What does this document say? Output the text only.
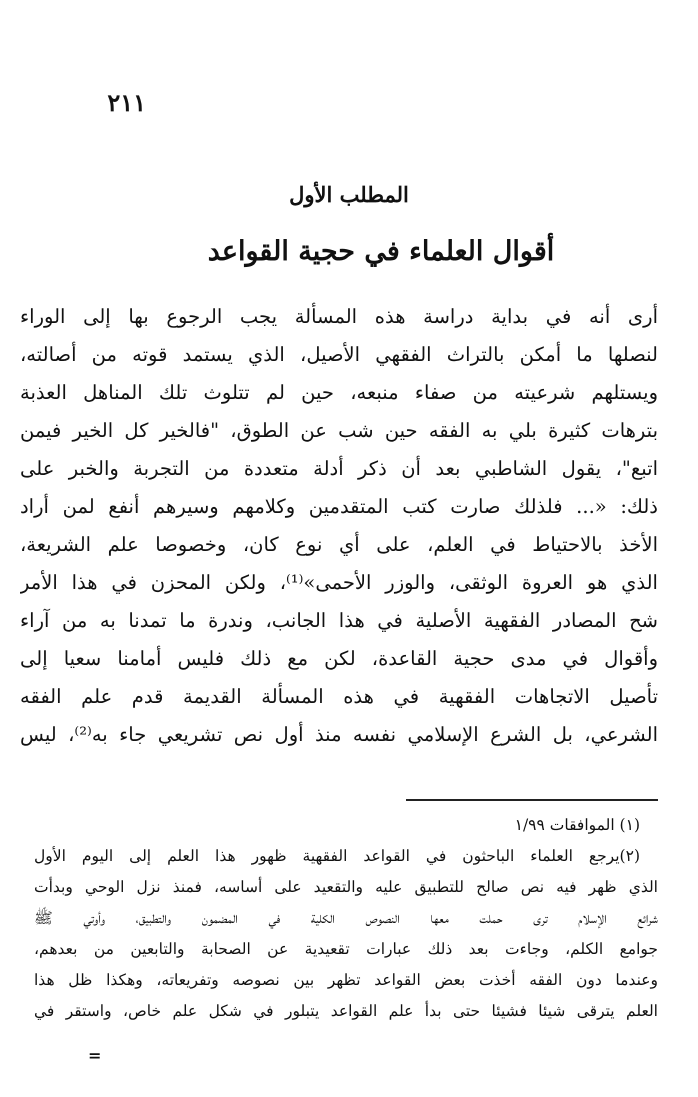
٢١١
المطلب الأول
أقوال العلماء في حجية القواعد
أرى أنه في بداية دراسة هذه المسألة يجب الرجوع بها إلى الوراء
لنصلها ما أمكن بالتراث الفقهي الأصيل، الذي يستمد قوته من أصالته،
ويستلهم شرعيته من صفاء منبعه، حين لم تتلوث تلك المناهل العذبة
بترهات كثيرة بلي به الفقه حين شب عن الطوق، "فالخير كل الخير فيمن
اتبع"، يقول الشاطبي بعد أن ذكر أدلة متعددة من التجربة والخبر على
ذلك: «... فلذلك صارت كتب المتقدمين وكلامهم وسيرهم أنفع لمن أراد
الأخذ بالاحتياط في العلم، على أي نوع كان، وخصوصا علم الشريعة،
الذي هو العروة الوثقى، والوزر الأحمى»⁽¹⁾، ولكن المحزن في هذا الأمر
شح المصادر الفقهية الأصلية في هذا الجانب، وندرة ما تمدنا به من آراء
وأقوال في مدى حجية القاعدة، لكن مع ذلك فليس أمامنا سعيا إلى
تأصيل الاتجاهات الفقهية في هذه المسألة القديمة قدم علم الفقه
الشرعي، بل الشرع الإسلامي نفسه منذ أول نص تشريعي جاء به⁽²⁾، ليس
(١) الموافقات ١/٩٩
(٢)يرجع العلماء الباحثون في القواعد الفقهية ظهور هذا العلم إلى اليوم الأول
الذي ظهر فيه نص صالح للتطبيق عليه والتقعيد على أساسه، فمنذ نزل الوحي وبدأت
شرائع الإسلام ترى حملت معها النصوص الكلية في المضمون والتطبيق، وأوتي ﷺ
جوامع الكلم، وجاءت بعد ذلك عبارات تقعيدية عن الصحابة والتابعين من بعدهم،
وعندما دون الفقه أخذت بعض القواعد تظهر بين نصوصه وتفريعاته، وهكذا ظل هذا
العلم يترقى شيئا فشيئا حتى بدأ علم القواعد يتبلور في شكل علم خاص، واستقر في
=
